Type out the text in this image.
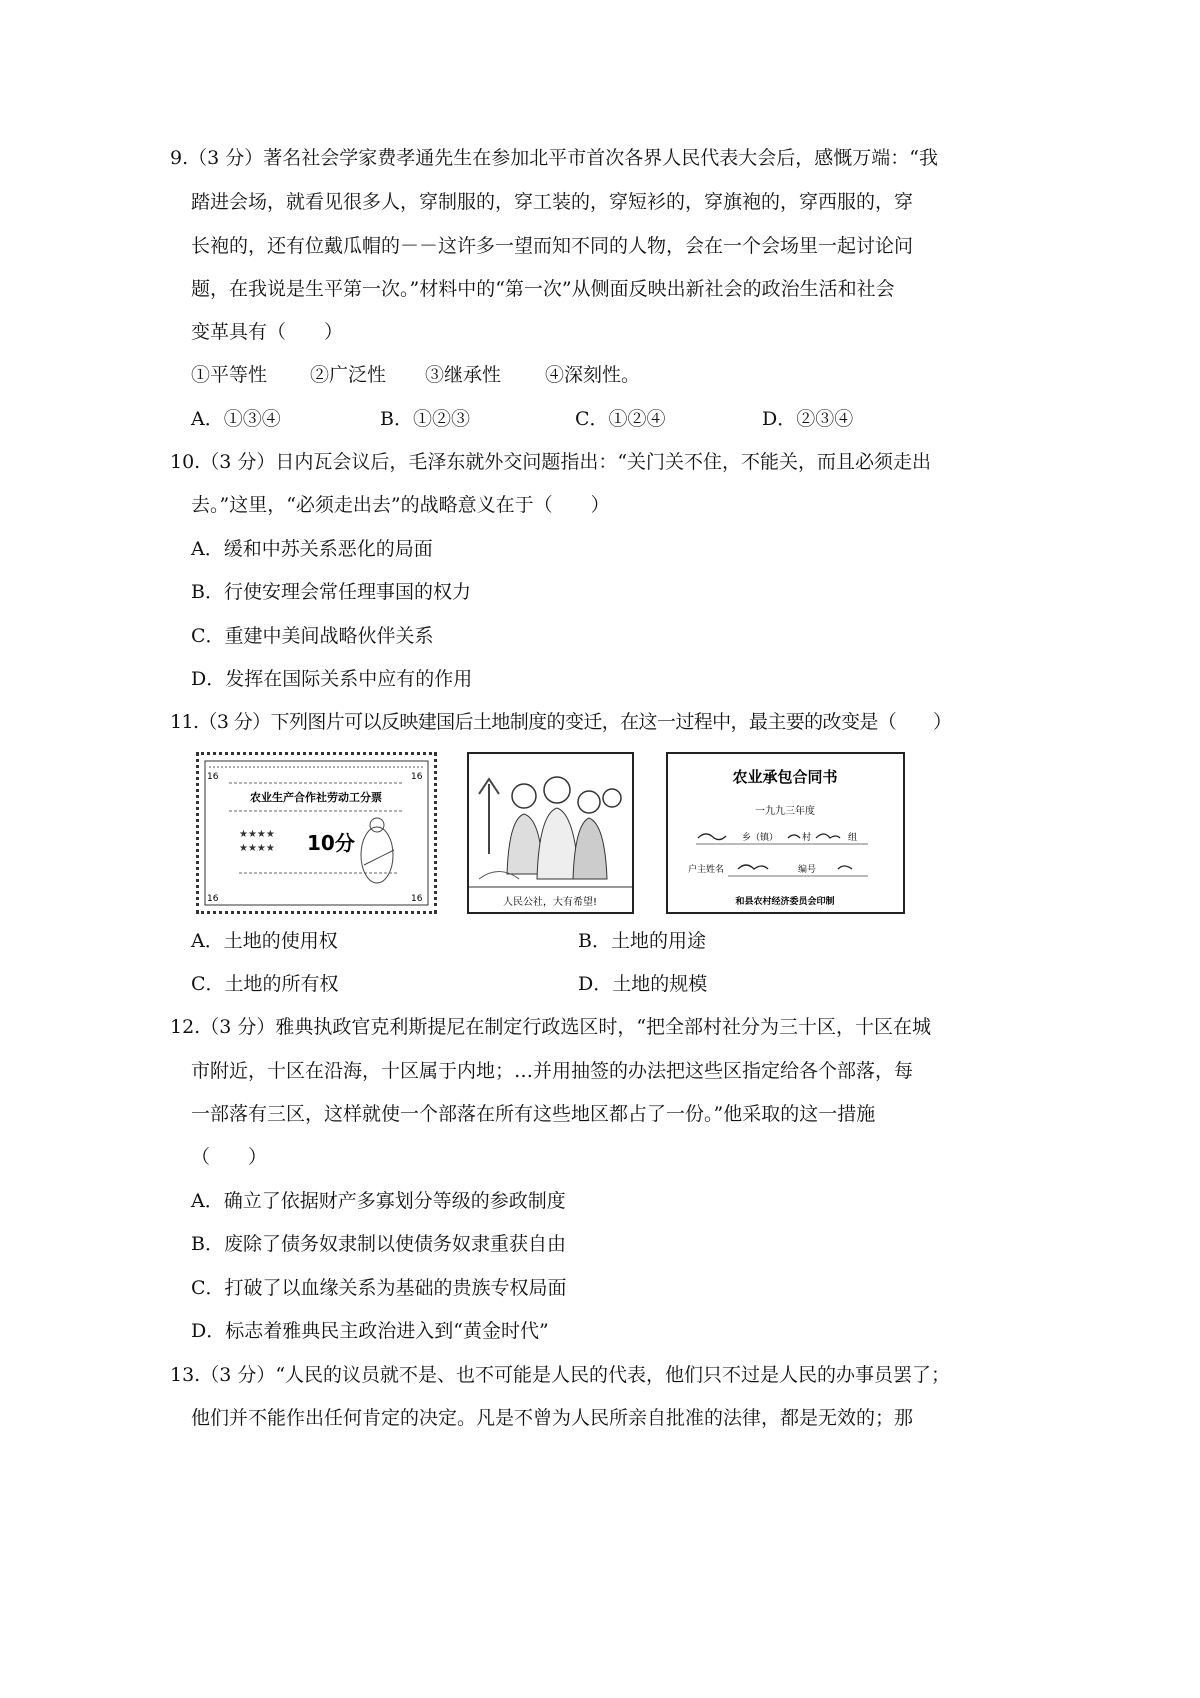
9.（3 分）著名社会学家费孝通先生在参加北平市首次各界人民代表大会后，感慨万端：“我
踏进会场，就看见很多人，穿制服的，穿工装的，穿短衫的，穿旗袍的，穿西服的，穿
长袍的，还有位戴瓜帽的－－这许多一望而知不同的人物，会在一个会场里一起讨论问
题，在我说是生平第一次。”材料中的“第一次”从侧面反映出新社会的政治生活和社会
变革具有（　　）
①平等性 ②广泛性 ③继承性 ④深刻性。
A．①③④	B．①②③	C．①②④	D．②③④
10.（3 分）日内瓦会议后，毛泽东就外交问题指出：“关门关不住，不能关，而且必须走出
去。”这里，“必须走出去”的战略意义在于（　　）
A．缓和中苏关系恶化的局面
B．行使安理会常任理事国的权力
C．重建中美间战略伙伴关系
D．发挥在国际关系中应有的作用
11.（3 分）下列图片可以反映建国后土地制度的变迁，在这一过程中，最主要的改变是（　　）
16	16
农业生产合作社劳动工分票
★★★★
★★★★ 10分
16	16	人民公社，大有希望!
农业承包合同书
一九九三年度
乡（镇）	村	组
户主姓名	编号
和县农村经济委员会印制
A．土地的使用权	B．土地的用途
C．土地的所有权	D．土地的规模
12.（3 分）雅典执政官克利斯提尼在制定行政选区时，“把全部村社分为三十区，十区在城
市附近，十区在沿海，十区属于内地；…并用抽签的办法把这些区指定给各个部落，每
一部落有三区，这样就使一个部落在所有这些地区都占了一份。”他采取的这一措施
（　　）
A．确立了依据财产多寡划分等级的参政制度
B．废除了债务奴隶制以使债务奴隶重获自由
C．打破了以血缘关系为基础的贵族专权局面
D．标志着雅典民主政治进入到“黄金时代”
13.（3 分）“人民的议员就不是、也不可能是人民的代表，他们只不过是人民的办事员罢了；
他们并不能作出任何肯定的决定。凡是不曾为人民所亲自批准的法律，都是无效的；那
